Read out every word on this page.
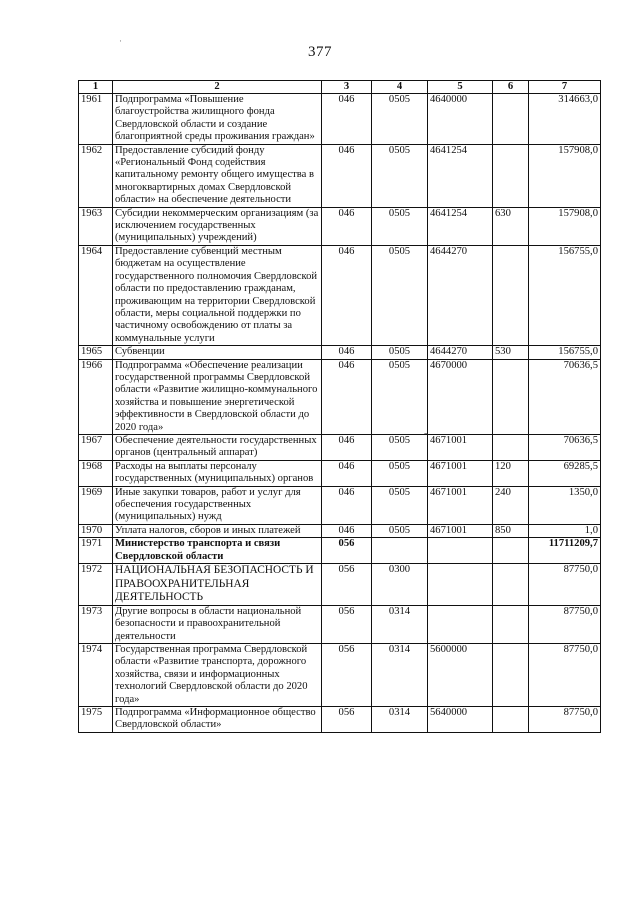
·
377
1	2	3	4	5	6	7
1961	Подпрограмма «Повышение благоустройства жилищного фонда Свердловской области и создание благоприятной среды проживания граждан»	046	0505	4640000		314663,0
1962	Предоставление субсидий фонду «Региональный Фонд содействия капитальному ремонту общего имущества в многоквартирных домах Свердловской области» на обеспечение деятельности	046	0505	4641254		157908,0
1963	Субсидии некоммерческим организациям (за исключением государственных (муниципальных) учреждений)	046	0505	4641254	630	157908,0
1964	Предоставление субвенций местным бюджетам на осуществление государственного полномочия Свердловской области по предоставлению гражданам, проживающим на территории Свердловской области, меры социальной поддержки по частичному освобождению от платы за коммунальные услуги	046	0505	4644270		156755,0
1965	Субвенции	046	0505	4644270	530	156755,0
1966	Подпрограмма «Обеспечение реализации государственной программы Свердловской области «Развитие жилищно-коммунального хозяйства и повышение энергетической эффективности в Свердловской области до 2020 года»	046	0505	4670000		70636,5
1967	Обеспечение деятельности государственных органов (центральный аппарат)	046	0505	4671001		70636,5
1968	Расходы на выплаты персоналу государственных (муниципальных) органов	046	0505	4671001	120	69285,5
1969	Иные закупки товаров, работ и услуг для обеспечения государственных (муниципальных) нужд	046	0505	4671001	240	1350,0
1970	Уплата налогов, сборов и иных платежей	046	0505	4671001	850	1,0
1971	Министерство транспорта и связи Свердловской области	056				11711209,7
1972	НАЦИОНАЛЬНАЯ БЕЗОПАСНОСТЬ И ПРАВООХРАНИТЕЛЬНАЯ ДЕЯТЕЛЬНОСТЬ	056	0300			87750,0
1973	Другие вопросы в области национальной безопасности и правоохранительной деятельности	056	0314			87750,0
1974	Государственная программа Свердловской области «Развитие транспорта, дорожного хозяйства, связи и информационных технологий Свердловской области до 2020 года»	056	0314	5600000		87750,0
1975	Подпрограмма «Информационное общество Свердловской области»	056	0314	5640000		87750,0
-
